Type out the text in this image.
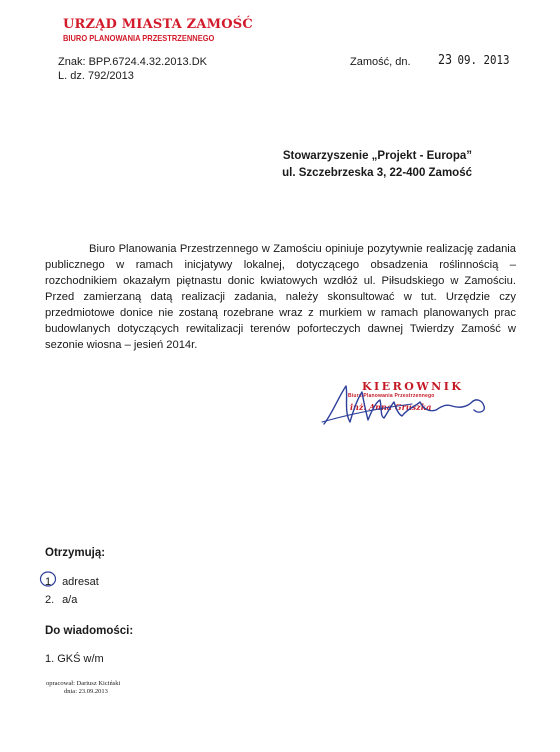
URZĄD MIASTA ZAMOŚĆ
BIURO PLANOWANIA PRZESTRZENNEGO
Znak: BPP.6724.4.32.2013.DK
L. dz. 792/2013
Zamość, dn. 23 09. 2013
Stowarzyszenie „Projekt - Europa”
ul. Szczebrzeska 3, 22-400 Zamość

Biuro Planowania Przestrzennego w Zamościu opiniuje pozytywnie realizację zadania publicznego w ramach inicjatywy lokalnej, dotyczącego obsadzenia roślinnością – rozchodnikiem okazałym piętnastu donic kwiatowych wzdłóż ul. Piłsudskiego w Zamościu. Przed zamierzaną datą realizacji zadania, należy skonsultować w tut. Urzędzie czy przedmiotowe donice nie zostaną rozebrane wraz z murkiem w ramach planowanych prac budowlanych dotyczących rewitalizacji terenów poforteczych dawnej Twierdzy Zamość w sezonie wiosna – jesień 2014r.

KIEROWNIK
Biura Planowania Przestrzennego
inż. Anna Gruszka
Otrzymują:
1. adresat
2. a/a
Do wiadomości:
1. GKŚ w/m
opracował: Dariusz Kiciński
dnia: 23.09.2013
